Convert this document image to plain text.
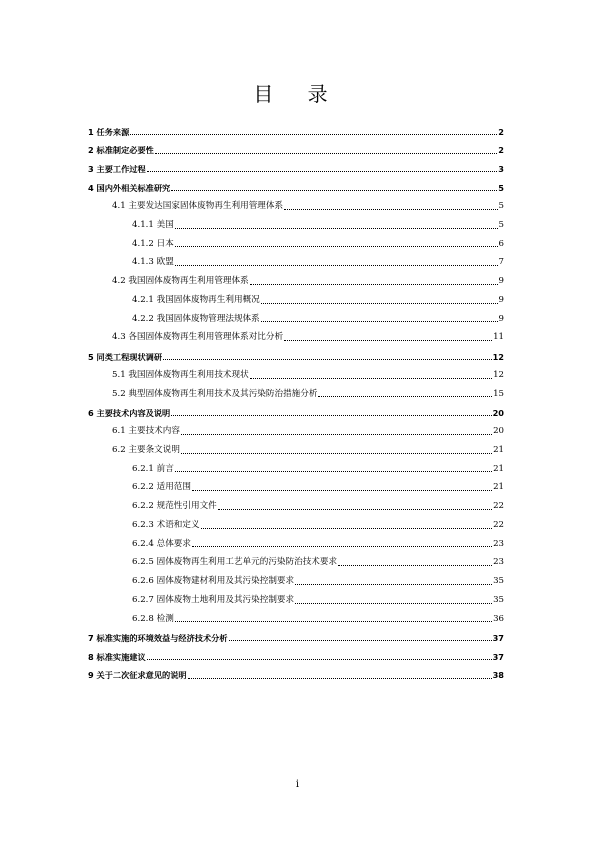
目 录
1 任务来源	2
2 标准制定必要性	2
3 主要工作过程	3
4 国内外相关标准研究	5
4.1 主要发达国家固体废物再生利用管理体系	5
4.1.1 美国	5
4.1.2 日本	6
4.1.3 欧盟	7
4.2 我国固体废物再生利用管理体系	9
4.2.1 我国固体废物再生利用概况	9
4.2.2 我国固体废物管理法规体系	9
4.3 各国固体废物再生利用管理体系对比分析	11
5 同类工程现状调研	12
5.1 我国固体废物再生利用技术现状	12
5.2 典型固体废物再生利用技术及其污染防治措施分析	15
6 主要技术内容及说明	20
6.1 主要技术内容	20
6.2 主要条文说明	21
6.2.1 前言	21
6.2.2 适用范围	21
6.2.2 规范性引用文件	22
6.2.3 术语和定义	22
6.2.4 总体要求	23
6.2.5 固体废物再生利用工艺单元的污染防治技术要求	23
6.2.6 固体废物建材利用及其污染控制要求	35
6.2.7 固体废物土地利用及其污染控制要求	35
6.2.8 检测	36
7 标准实施的环境效益与经济技术分析	37
8 标准实施建议	37
9 关于二次征求意见的说明	38
i
